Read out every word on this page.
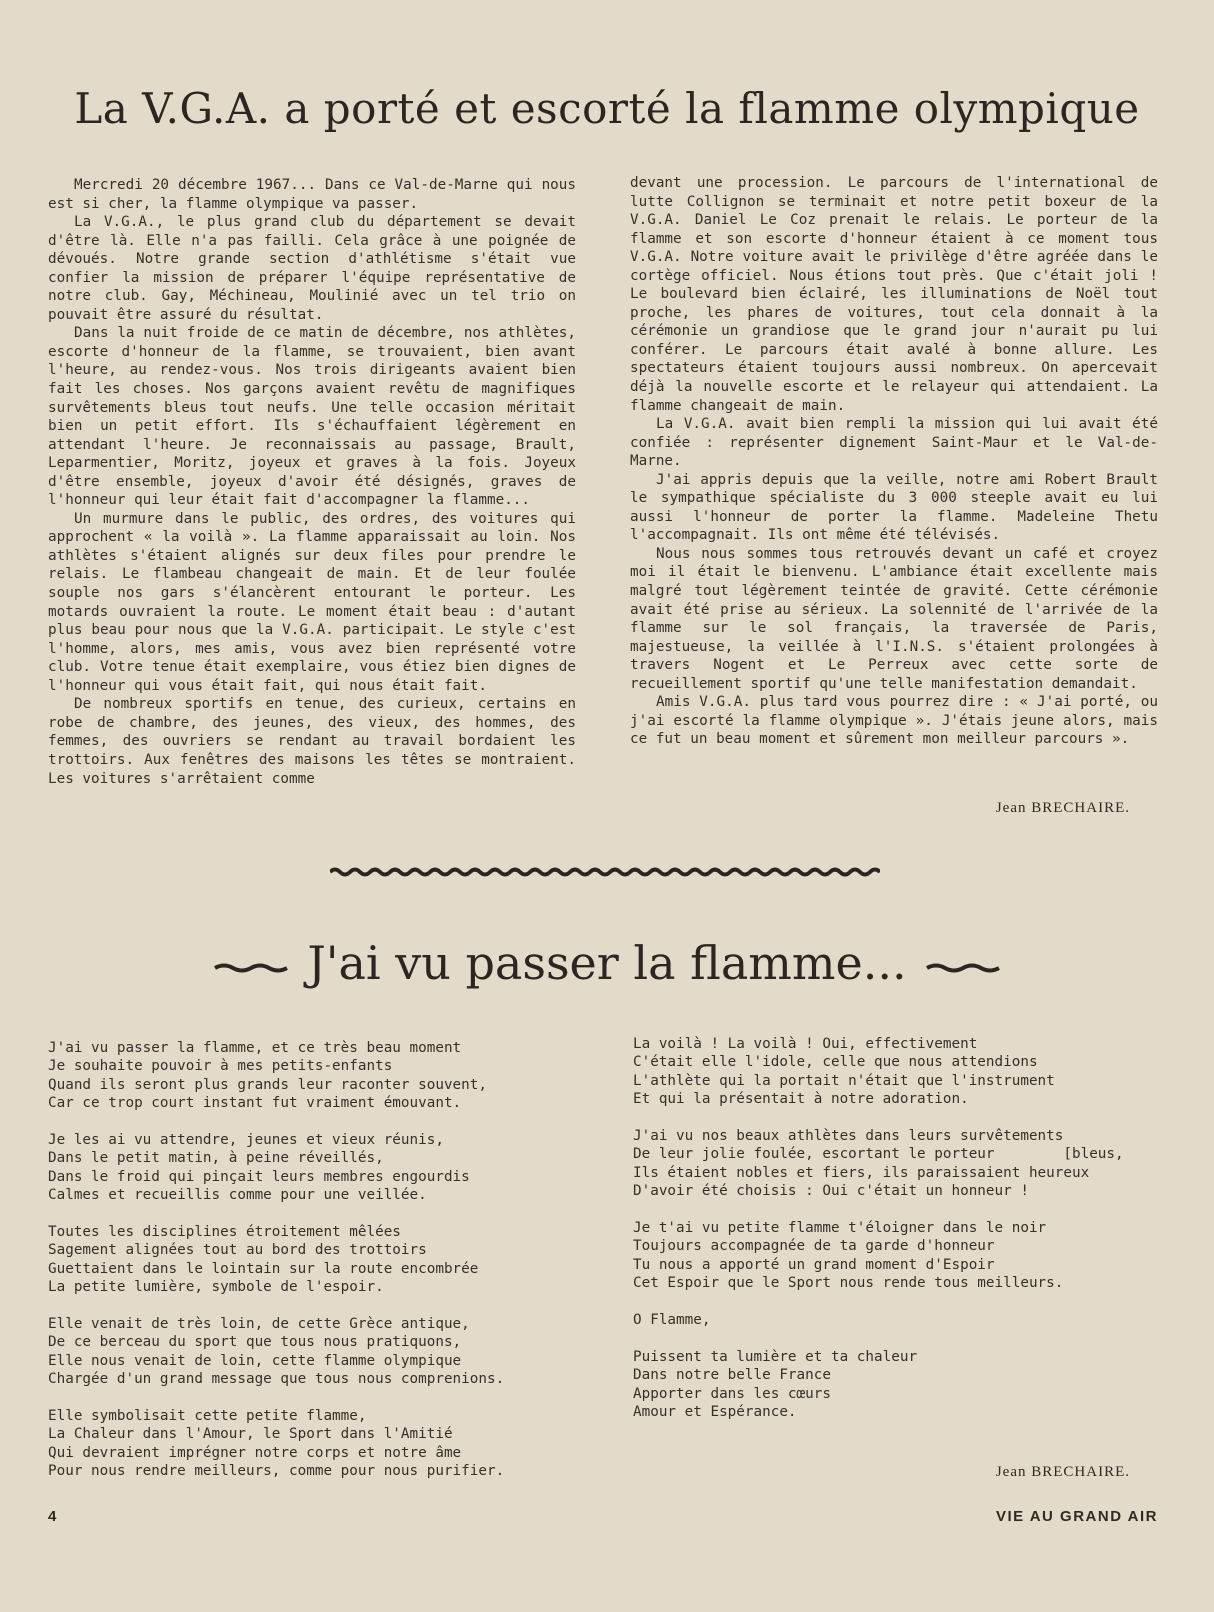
La V.G.A. a porté et escorté la flamme olympique

Mercredi 20 décembre 1967... Dans ce Val-de-Marne qui nous est si cher, la flamme olympique va passer.

La V.G.A., le plus grand club du département se devait d'être là. Elle n'a pas failli. Cela grâce à une poignée de dévoués. Notre grande section d'athlétisme s'était vue confier la mission de préparer l'équipe représentative de notre club. Gay, Méchineau, Moulinié avec un tel trio on pouvait être assuré du résultat.

Dans la nuit froide de ce matin de décembre, nos athlètes, escorte d'honneur de la flamme, se trouvaient, bien avant l'heure, au rendez-vous. Nos trois dirigeants avaient bien fait les choses. Nos garçons avaient revêtu de magnifiques survêtements bleus tout neufs. Une telle occasion méritait bien un petit effort. Ils s'échauffaient légèrement en attendant l'heure. Je reconnaissais au passage, Brault, Leparmentier, Moritz, joyeux et graves à la fois. Joyeux d'être ensemble, joyeux d'avoir été désignés, graves de l'honneur qui leur était fait d'accompagner la flamme...

Un murmure dans le public, des ordres, des voitures qui approchent « la voilà ». La flamme apparaissait au loin. Nos athlètes s'étaient alignés sur deux files pour prendre le relais. Le flambeau changeait de main. Et de leur foulée souple nos gars s'élancèrent entourant le porteur. Les motards ouvraient la route. Le moment était beau : d'autant plus beau pour nous que la V.G.A. participait. Le style c'est l'homme, alors, mes amis, vous avez bien représenté votre club. Votre tenue était exemplaire, vous étiez bien dignes de l'honneur qui vous était fait, qui nous était fait.

De nombreux sportifs en tenue, des curieux, certains en robe de chambre, des jeunes, des vieux, des hommes, des femmes, des ouvriers se rendant au travail bordaient les trottoirs. Aux fenêtres des maisons les têtes se montraient. Les voitures s'arrêtaient comme

devant une procession. Le parcours de l'international de lutte Collignon se terminait et notre petit boxeur de la V.G.A. Daniel Le Coz prenait le relais. Le porteur de la flamme et son escorte d'honneur étaient à ce moment tous V.G.A. Notre voiture avait le privilège d'être agréée dans le cortège officiel. Nous étions tout près. Que c'était joli ! Le boulevard bien éclairé, les illuminations de Noël tout proche, les phares de voitures, tout cela donnait à la cérémonie un grandiose que le grand jour n'aurait pu lui conférer. Le parcours était avalé à bonne allure. Les spectateurs étaient toujours aussi nombreux. On apercevait déjà la nouvelle escorte et le relayeur qui attendaient. La flamme changeait de main.

La V.G.A. avait bien rempli la mission qui lui avait été confiée : représenter dignement Saint-Maur et le Val-de-Marne.

J'ai appris depuis que la veille, notre ami Robert Brault le sympathique spécialiste du 3 000 steeple avait eu lui aussi l'honneur de porter la flamme. Madeleine Thetu l'accompagnait. Ils ont même été télévisés.

Nous nous sommes tous retrouvés devant un café et croyez moi il était le bienvenu. L'ambiance était excellente mais malgré tout légèrement teintée de gravité. Cette cérémonie avait été prise au sérieux. La solennité de l'arrivée de la flamme sur le sol français, la traversée de Paris, majestueuse, la veillée à l'I.N.S. s'étaient prolongées à travers Nogent et Le Perreux avec cette sorte de recueillement sportif qu'une telle manifestation demandait.

Amis V.G.A. plus tard vous pourrez dire : « J'ai porté, ou j'ai escorté la flamme olympique ». J'étais jeune alors, mais ce fut un beau moment et sûrement mon meilleur parcours ».

Jean BRECHAIRE.
J'ai vu passer la flamme...
J'ai vu passer la flamme, et ce très beau moment
Je souhaite pouvoir à mes petits-enfants
Quand ils seront plus grands leur raconter souvent,
Car ce trop court instant fut vraiment émouvant.
Je les ai vu attendre, jeunes et vieux réunis,
Dans le petit matin, à peine réveillés,
Dans le froid qui pinçait leurs membres engourdis
Calmes et recueillis comme pour une veillée.
Toutes les disciplines étroitement mêlées
Sagement alignées tout au bord des trottoirs
Guettaient dans le lointain sur la route encombrée
La petite lumière, symbole de l'espoir.
Elle venait de très loin, de cette Grèce antique,
De ce berceau du sport que tous nous pratiquons,
Elle nous venait de loin, cette flamme olympique
Chargée d'un grand message que tous nous comprenions.
Elle symbolisait cette petite flamme,
La Chaleur dans l'Amour, le Sport dans l'Amitié
Qui devraient imprégner notre corps et notre âme
Pour nous rendre meilleurs, comme pour nous purifier.
La voilà ! La voilà ! Oui, effectivement
C'était elle l'idole, celle que nous attendions
L'athlète qui la portait n'était que l'instrument
Et qui la présentait à notre adoration.
J'ai vu nos beaux athlètes dans leurs survêtements
De leur jolie foulée, escortant le porteur        [bleus,
Ils étaient nobles et fiers, ils paraissaient heureux
D'avoir été choisis : Oui c'était un honneur !
Je t'ai vu petite flamme t'éloigner dans le noir
Toujours accompagnée de ta garde d'honneur
Tu nous a apporté un grand moment d'Espoir
Cet Espoir que le Sport nous rende tous meilleurs.
O Flamme,
Puissent ta lumière et ta chaleur
Dans notre belle France
Apporter dans les cœurs
Amour et Espérance.
Jean BRECHAIRE.
4	VIE AU GRAND AIR
